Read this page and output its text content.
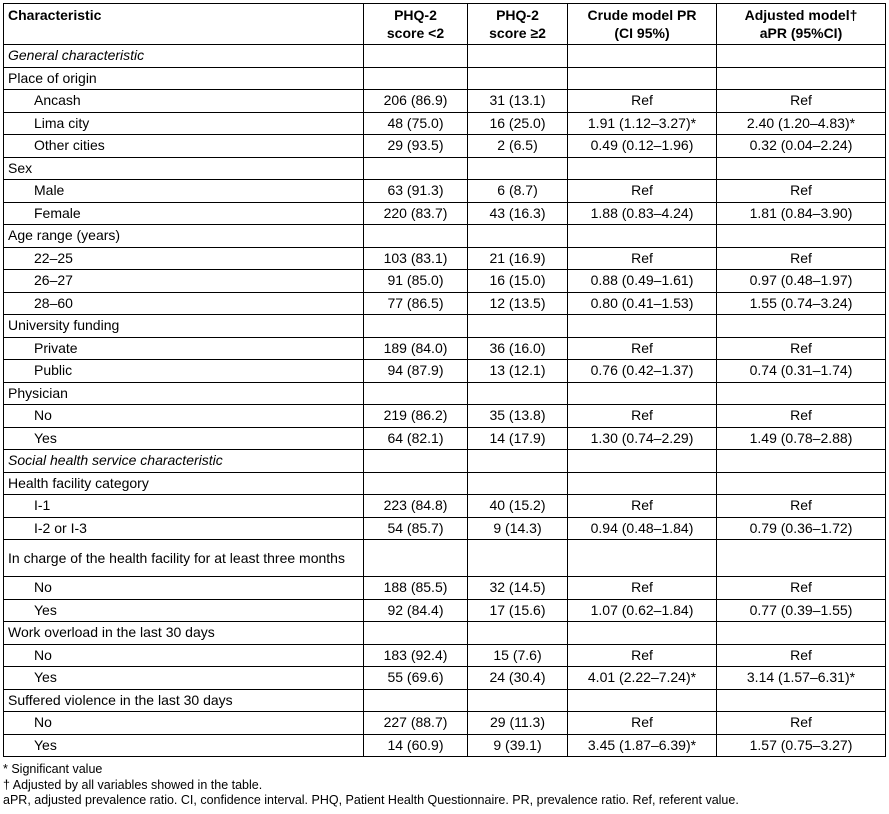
Characteristic	PHQ-2 score <2	PHQ-2 score ≥2	Crude model PR (CI 95%)	Adjusted model† aPR (95%CI)

General characteristic				
Place of origin				
Ancash	206 (86.9)	31 (13.1)	Ref	Ref
Lima city	48 (75.0)	16 (25.0)	1.91 (1.12–3.27)*	2.40 (1.20–4.83)*
Other cities	29 (93.5)	2 (6.5)	0.49 (0.12–1.96)	0.32 (0.04–2.24)
Sex				
Male	63 (91.3)	6 (8.7)	Ref	Ref
Female	220 (83.7)	43 (16.3)	1.88 (0.83–4.24)	1.81 (0.84–3.90)
Age range (years)				
22–25	103 (83.1)	21 (16.9)	Ref	Ref
26–27	91 (85.0)	16 (15.0)	0.88 (0.49–1.61)	0.97 (0.48–1.97)
28–60	77 (86.5)	12 (13.5)	0.80 (0.41–1.53)	1.55 (0.74–3.24)
University funding				
Private	189 (84.0)	36 (16.0)	Ref	Ref
Public	94 (87.9)	13 (12.1)	0.76 (0.42–1.37)	0.74 (0.31–1.74)
Physician				
No	219 (86.2)	35 (13.8)	Ref	Ref
Yes	64 (82.1)	14 (17.9)	1.30 (0.74–2.29)	1.49 (0.78–2.88)
Social health service characteristic				
Health facility category				
I-1	223 (84.8)	40 (15.2)	Ref	Ref
I-2 or I-3	54 (85.7)	9 (14.3)	0.94 (0.48–1.84)	0.79 (0.36–1.72)
In charge of the health facility for at least three months				
No	188 (85.5)	32 (14.5)	Ref	Ref
Yes	92 (84.4)	17 (15.6)	1.07 (0.62–1.84)	0.77 (0.39–1.55)
Work overload in the last 30 days				
No	183 (92.4)	15 (7.6)	Ref	Ref
Yes	55 (69.6)	24 (30.4)	4.01 (2.22–7.24)*	3.14 (1.57–6.31)*
Suffered violence in the last 30 days				
No	227 (88.7)	29 (11.3)	Ref	Ref
Yes	14 (60.9)	9 (39.1)	3.45 (1.87–6.39)*	1.57 (0.75–3.27)
* Significant value
† Adjusted by all variables showed in the table.
aPR, adjusted prevalence ratio. CI, confidence interval. PHQ, Patient Health Questionnaire. PR, prevalence ratio. Ref, referent value.
